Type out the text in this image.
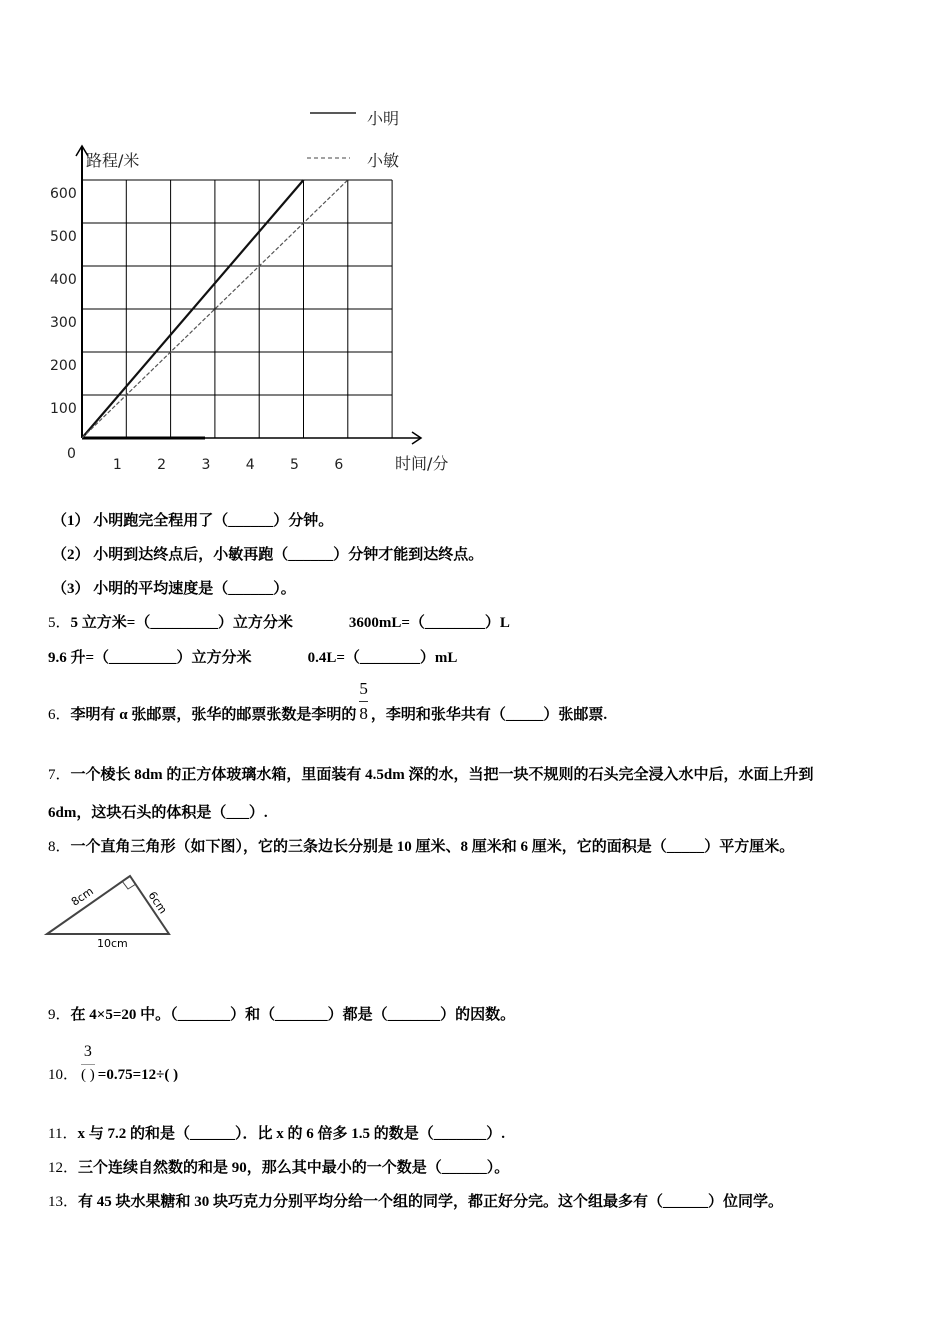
1	2	3	4	5	6
100
200
300
400
500
600
0
路程/米
时间/分
小明
小敏
（1） 小明跑完全程用了（______）分钟。
（2） 小明到达终点后，小敏再跑（______）分钟才能到达终点。
（3） 小明的平均速度是（______）。
5．5 立方米=（_________）立方分米	3600mL=（________）L
9.6 升=（_________）立方分米	0.4L=（________）mL
6．李明有 α 张邮票，张华的邮票张数是李明的 $\frac{5}{8}$ ，李明和张华共有（_____）张邮票.
7．一个棱长 8dm 的正方体玻璃水箱，里面装有 4.5dm 深的水，当把一块不规则的石头完全浸入水中后，水面上升到
6dm，这块石头的体积是（___）.
8．一个直角三角形（如下图），它的三条边长分别是 10 厘米、8 厘米和 6 厘米，它的面积是（_____）平方厘米。
8cm	6cm
10cm
9．在 4×5=20 中。（_______）和（_______）都是（_______）的因数。
10．
3
( ) =0.75=12÷( )
11．x 与 7.2 的和是（______）．比 x 的 6 倍多 1.5 的数是（_______）.
12．三个连续自然数的和是 90，那么其中最小的一个数是（______）。
13．有 45 块水果糖和 30 块巧克力分别平均分给一个组的同学，都正好分完。这个组最多有（______）位同学。
